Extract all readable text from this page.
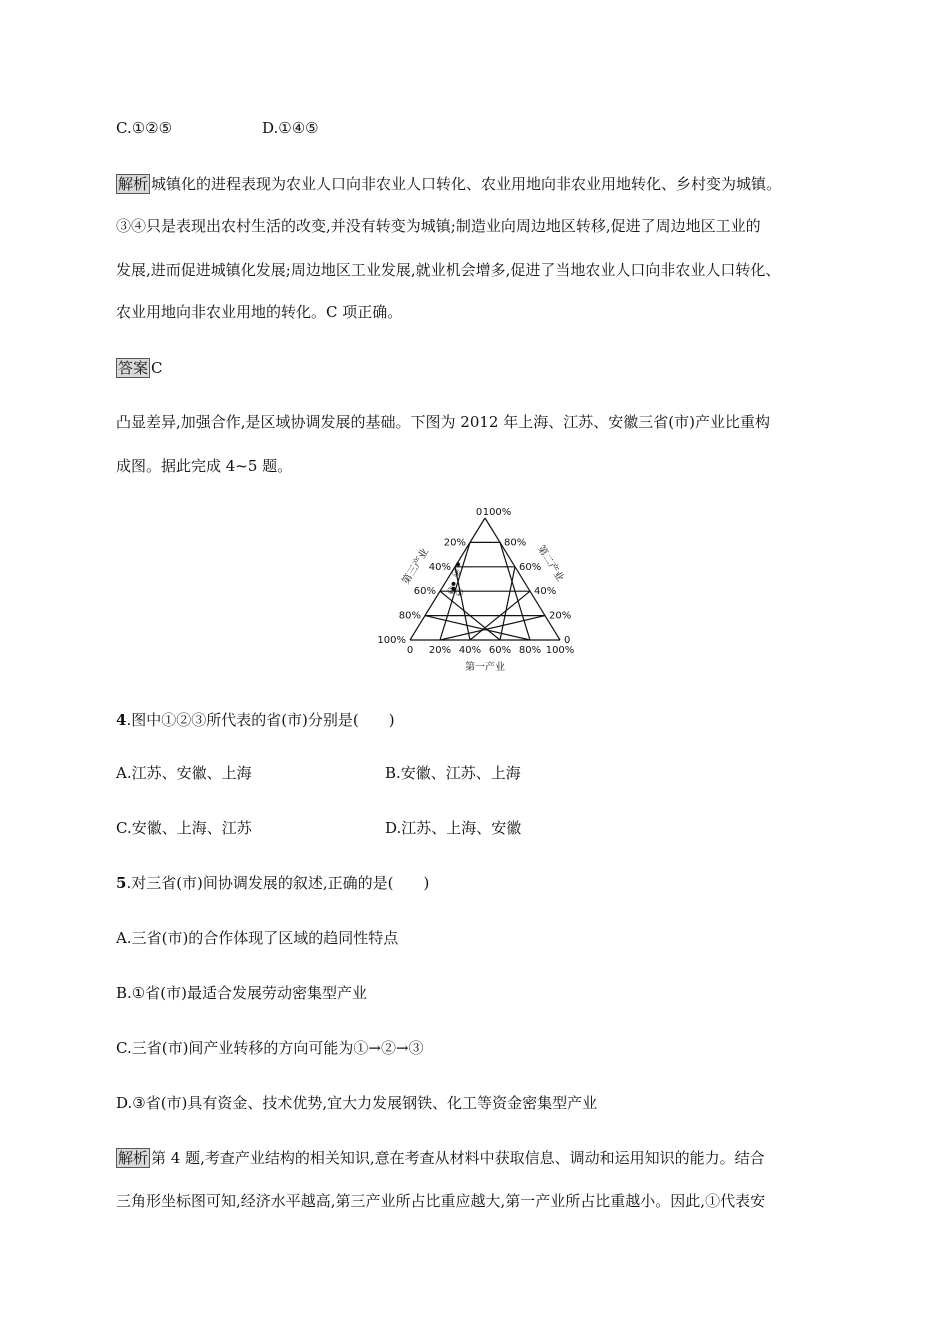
C.①②⑤	D.①④⑤
解析 城镇化的进程表现为农业人口向非农业人口转化、农业用地向非农业用地转化、乡村变为城镇。
③④只是表现出农村生活的改变,并没有转变为城镇;制造业向周边地区转移,促进了周边地区工业的
发展,进而促进城镇化发展;周边地区工业发展,就业机会增多,促进了当地农业人口向非农业人口转化、
农业用地向非农业用地的转化。C 项正确。
答案 C
凸显差异,加强合作,是区域协调发展的基础。下图为 2012 年上海、江苏、安徽三省(市)产业比重构
成图。据此完成 4~5 题。
20%
40%
60%
80%
100%
80%
60%
40%
20%
0
0 100%
0 20% 40% 60% 80% 100%
第一产业
第三产业	第二产业
①
②
③
4.图中①②③所代表的省(市)分别是(　　)
A.江苏、安徽、上海	B.安徽、江苏、上海
C.安徽、上海、江苏	D.江苏、上海、安徽
5.对三省(市)间协调发展的叙述,正确的是(　　)
A.三省(市)的合作体现了区域的趋同性特点
B.①省(市)最适合发展劳动密集型产业
C.三省(市)间产业转移的方向可能为①→②→③
D.③省(市)具有资金、技术优势,宜大力发展钢铁、化工等资金密集型产业
解析 第 4 题,考查产业结构的相关知识,意在考查从材料中获取信息、调动和运用知识的能力。结合
三角形坐标图可知,经济水平越高,第三产业所占比重应越大,第一产业所占比重越小。因此,①代表安
